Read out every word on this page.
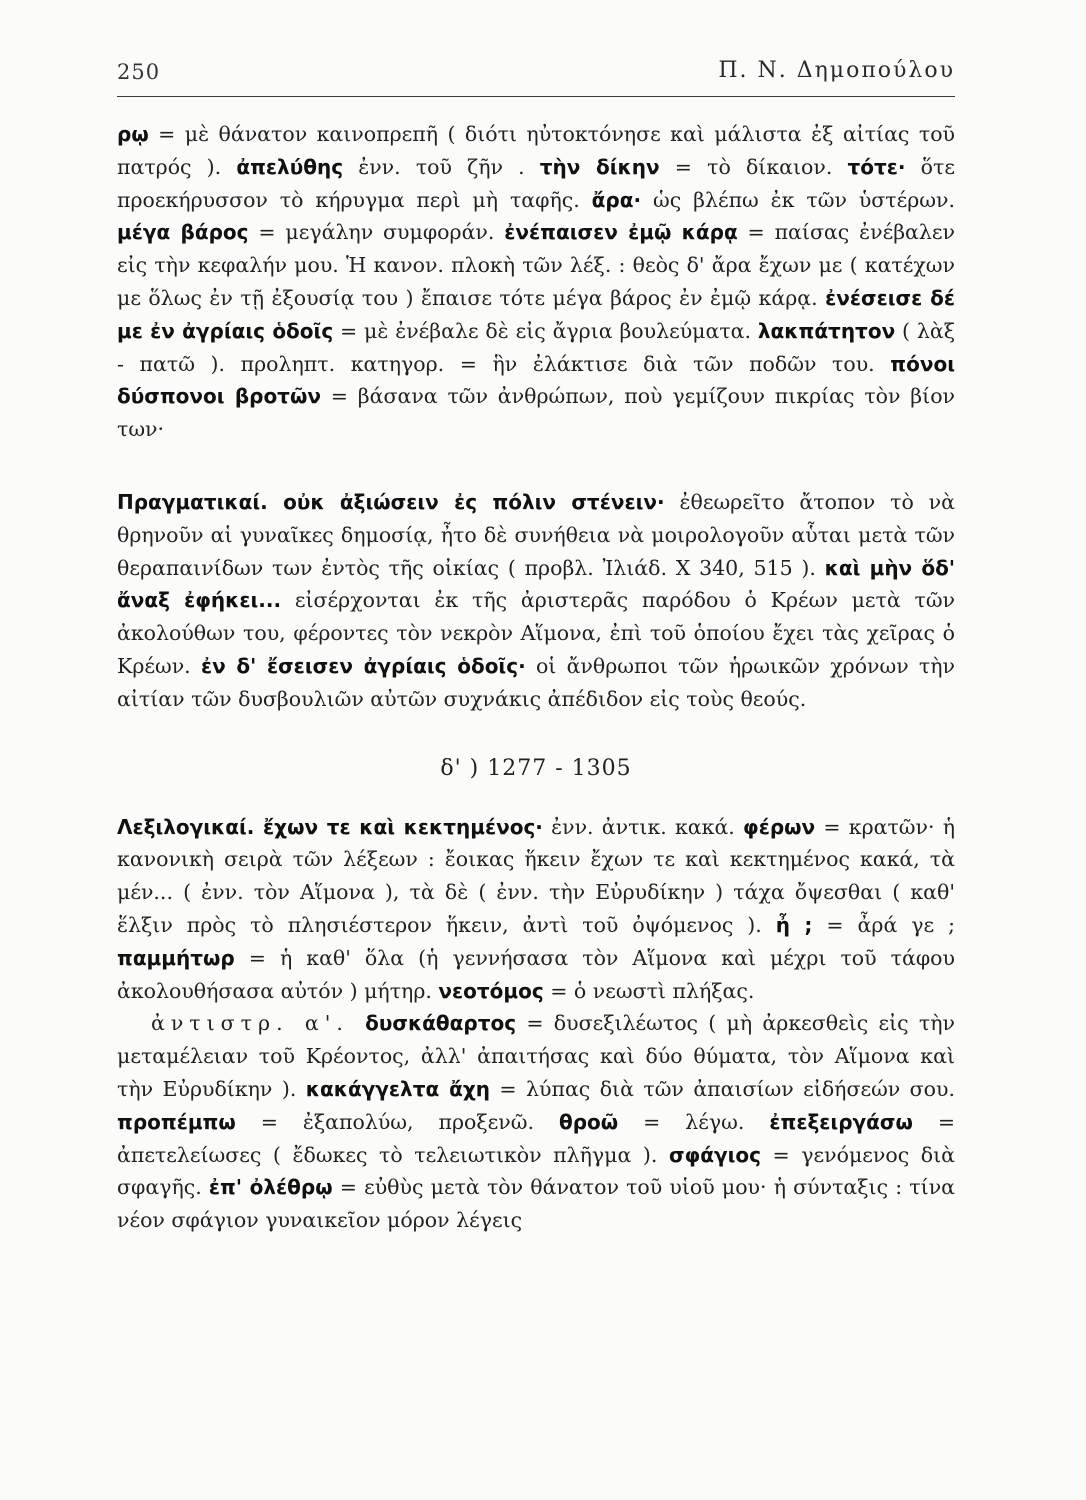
250	Π. Ν. Δημοπούλου

ρῳ = μὲ θάνατον καινοπρεπῆ ( διότι ηὐτοκτόνησε καὶ μάλιστα ἐξ αἰτίας τοῦ πατρός ). ἀπελύθης ἐνν. τοῦ ζῆν . τὴν δίκην = τὸ δίκαιον. τότε· ὅτε προεκήρυσσον τὸ κήρυγμα περὶ μὴ ταφῆς. ἄρα· ὡς βλέπω ἐκ τῶν ὑστέρων. μέγα βάρος = μεγάλην συμφοράν. ἐνέπαισεν ἐμῷ κάρᾳ = παίσας ἐνέβαλεν εἰς τὴν κεφαλήν μου. Ἡ κανον. πλοκὴ τῶν λέξ. : θεὸς δ' ἄρα ἔχων με ( κατέχων με ὅλως ἐν τῇ ἐξουσίᾳ του ) ἔπαισε τότε μέγα βάρος ἐν ἐμῷ κάρᾳ. ἐνέσεισε δέ με ἐν ἀγρίαις ὁδοῖς = μὲ ἐνέβαλε δὲ εἰς ἄγρια βουλεύματα. λακπάτητον ( λὰξ - πατῶ ). προληπτ. κατηγορ. = ἣν ἐλάκτισε διὰ τῶν ποδῶν του. πόνοι δύσπονοι βροτῶν = βάσανα τῶν ἀνθρώπων, ποὺ γεμίζουν πικρίας τὸν βίον των·

Πραγματικαί. οὐκ ἀξιώσειν ἐς πόλιν στένειν· ἐθεωρεῖτο ἄτοπον τὸ νὰ θρηνοῦν αἱ γυναῖκες δημοσίᾳ, ἦτο δὲ συνήθεια νὰ μοιρολογοῦν αὗται μετὰ τῶν θεραπαινίδων των ἐντὸς τῆς οἰκίας ( προβλ. Ἰλιάδ. Χ 340, 515 ). καὶ μὴν ὅδ' ἄναξ ἐφήκει... εἰσέρχονται ἐκ τῆς ἀριστερᾶς παρόδου ὁ Κρέων μετὰ τῶν ἀκολούθων του, φέροντες τὸν νεκρὸν Αἵμονα, ἐπὶ τοῦ ὁποίου ἔχει τὰς χεῖρας ὁ Κρέων. ἐν δ' ἔσεισεν ἀγρίαις ὁδοῖς· οἱ ἄνθρωποι τῶν ἡρωικῶν χρόνων τὴν αἰτίαν τῶν δυσβουλιῶν αὐτῶν συχνάκις ἀπέδιδον εἰς τοὺς θεούς.

δ' ) 1277 - 1305

Λεξιλογικαί. ἔχων τε καὶ κεκτημένος· ἐνν. ἀντικ. κακά. φέρων = κρατῶν· ἡ κανονικὴ σειρὰ τῶν λέξεων : ἔοικας ἥκειν ἔχων τε καὶ κεκτημένος κακά, τὰ μέν... ( ἐνν. τὸν Αἵμονα ), τὰ δὲ ( ἐνν. τὴν Εὐρυδίκην ) τάχα ὄψεσθαι ( καθ' ἕλξιν πρὸς τὸ πλησιέστερον ἥκειν, ἀντὶ τοῦ ὀψόμενος ). ἦ ; = ἆρά γε ; παμμήτωρ = ἡ καθ' ὅλα (ἡ γεννήσασα τὸν Αἵμονα καὶ μέχρι τοῦ τάφου ἀκολουθήσασα αὐτόν ) μήτηρ. νεοτόμος = ὁ νεωστὶ πλήξας.

ἀντιστρ. α'. δυσκάθαρτος = δυσεξιλέωτος ( μὴ ἀρκεσθεὶς εἰς τὴν μεταμέλειαν τοῦ Κρέοντος, ἀλλ' ἀπαιτήσας καὶ δύο θύματα, τὸν Αἵμονα καὶ τὴν Εὐρυδίκην ). κακάγγελτα ἄχη = λύπας διὰ τῶν ἀπαισίων εἰδήσεών σου. προπέμπω = ἐξαπολύω, προξενῶ. θροῶ = λέγω. ἐπεξειργάσω = ἀπετελείωσες ( ἔδωκες τὸ τελειωτικὸν πλῆγμα ). σφάγιος = γενόμενος διὰ σφαγῆς. ἐπ' ὀλέθρῳ = εὐθὺς μετὰ τὸν θάνατον τοῦ υἱοῦ μου· ἡ σύνταξις : τίνα νέον σφάγιον γυναικεῖον μόρον λέγεις
